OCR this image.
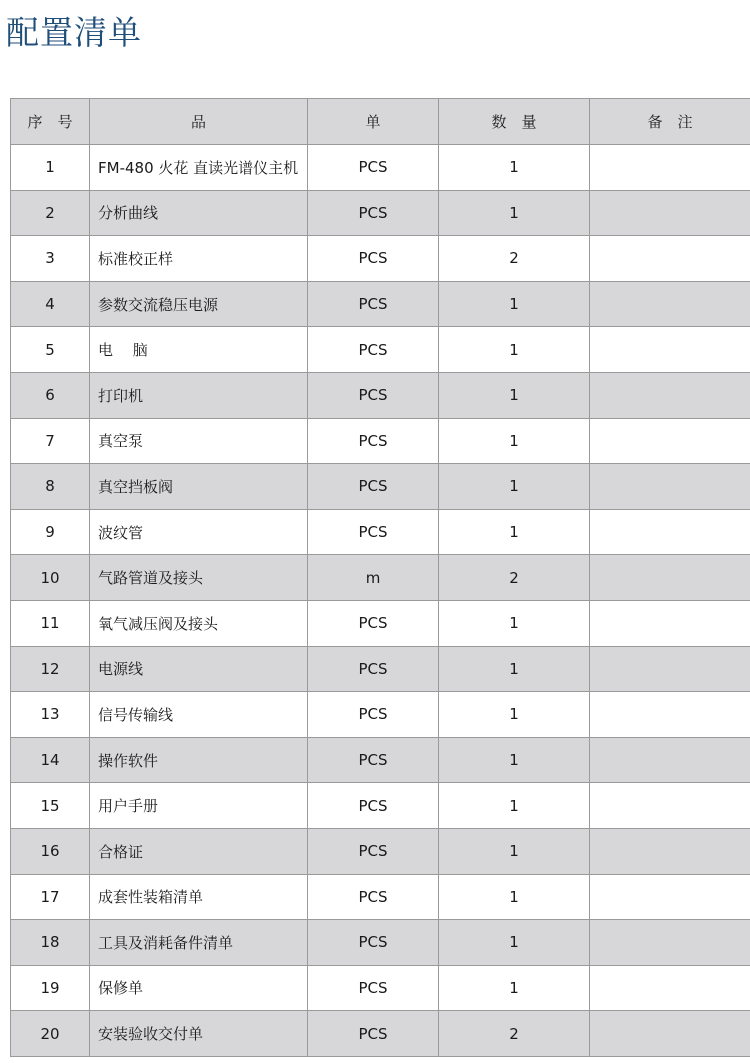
配置清单
序　号	品	单	数　量	备　注
1	FM-480 火花 直读光谱仪主机	PCS	1	
2	分析曲线	PCS	1	
3	标准校正样	PCS	2	
4	参数交流稳压电源	PCS	1	
5	电　 脑	PCS	1	
6	打印机	PCS	1	
7	真空泵	PCS	1	
8	真空挡板阀	PCS	1	
9	波纹管	PCS	1	
10	气路管道及接头	m	2	
11	氧气减压阀及接头	PCS	1	
12	电源线	PCS	1	
13	信号传输线	PCS	1	
14	操作软件	PCS	1	
15	用户手册	PCS	1	
16	合格证	PCS	1	
17	成套性装箱清单	PCS	1	
18	工具及消耗备件清单	PCS	1	
19	保修单	PCS	1	
20	安装验收交付单	PCS	2	
